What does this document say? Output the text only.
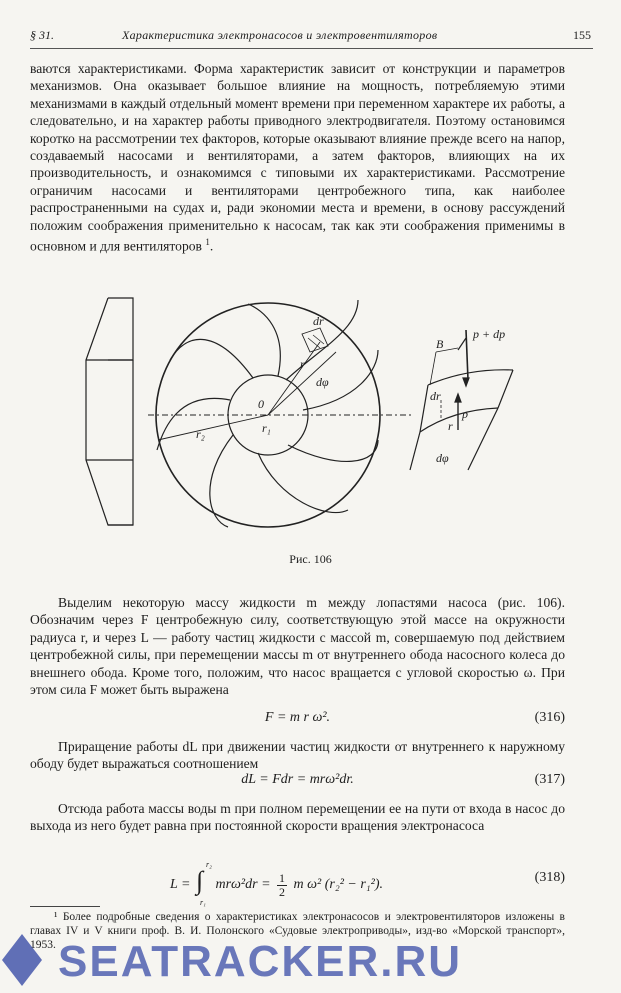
§ 31.	Характеристика электронасосов и электровентиляторов	155
ваются характеристиками. Форма характеристик зависит от конструкции и параметров механизмов. Она оказывает большое влияние на мощность, потребляемую этими механизмами в каждый отдельный момент времени при переменном характере их работы, а следовательно, и на характер работы приводного электродвигателя. Поэтому остановимся коротко на рассмотрении тех факторов, которые оказывают влияние прежде всего на напор, создаваемый насосами и вентиляторами, а затем факторов, влияющих на их производительность, и ознакомимся с типовыми их характеристиками. Рассмотрение ограничим насосами и вентиляторами центробежного типа, как наиболее распространенными на судах и, ради экономии места и времени, в основу рассуждений положим соображения применительно к насосам, так как эти соображения применимы в основном и для вентиляторов $^1$.
dr
r
dφ
0
r₂	r₁
B
p + dp
p
r
dr
dφ
Рис. 106
Выделим некоторую массу жидкости m между лопастями насоса (рис. 106). Обозначим через F центробежную силу, соответствующую этой массе на окружности радиуса r, и через L — работу частиц жидкости с массой m, совершаемую под действием центробежной силы, при перемещении массы m от внутреннего обода насосного колеса до внешнего обода. Кроме того, положим, что насос вращается с угловой скоростью ω. При этом сила F может быть выражена
F = m r ω².	(316)
Приращение работы dL при движении частиц жидкости от внутреннего к наружному ободу будет выражаться соотношением
dL = Fdr = mrω²dr.	(317)
Отсюда работа массы воды m при полном перемещении ее на пути от входа в насос до выхода из него будет равна при постоянной скорости вращения электронасоса
L = ∫
r₂
r₁
$mr\omega^2dr = \frac{1}{2}$ m ω² (r₂² − r₁²).	(318)
¹ Более подробные сведения о характеристиках электронасосов и электровентиляторов изложены в главах IV и V книги проф. В. И. Полонского «Судовые электроприводы», изд-во «Морской транспорт», 1953. SEATRACKER.RU
